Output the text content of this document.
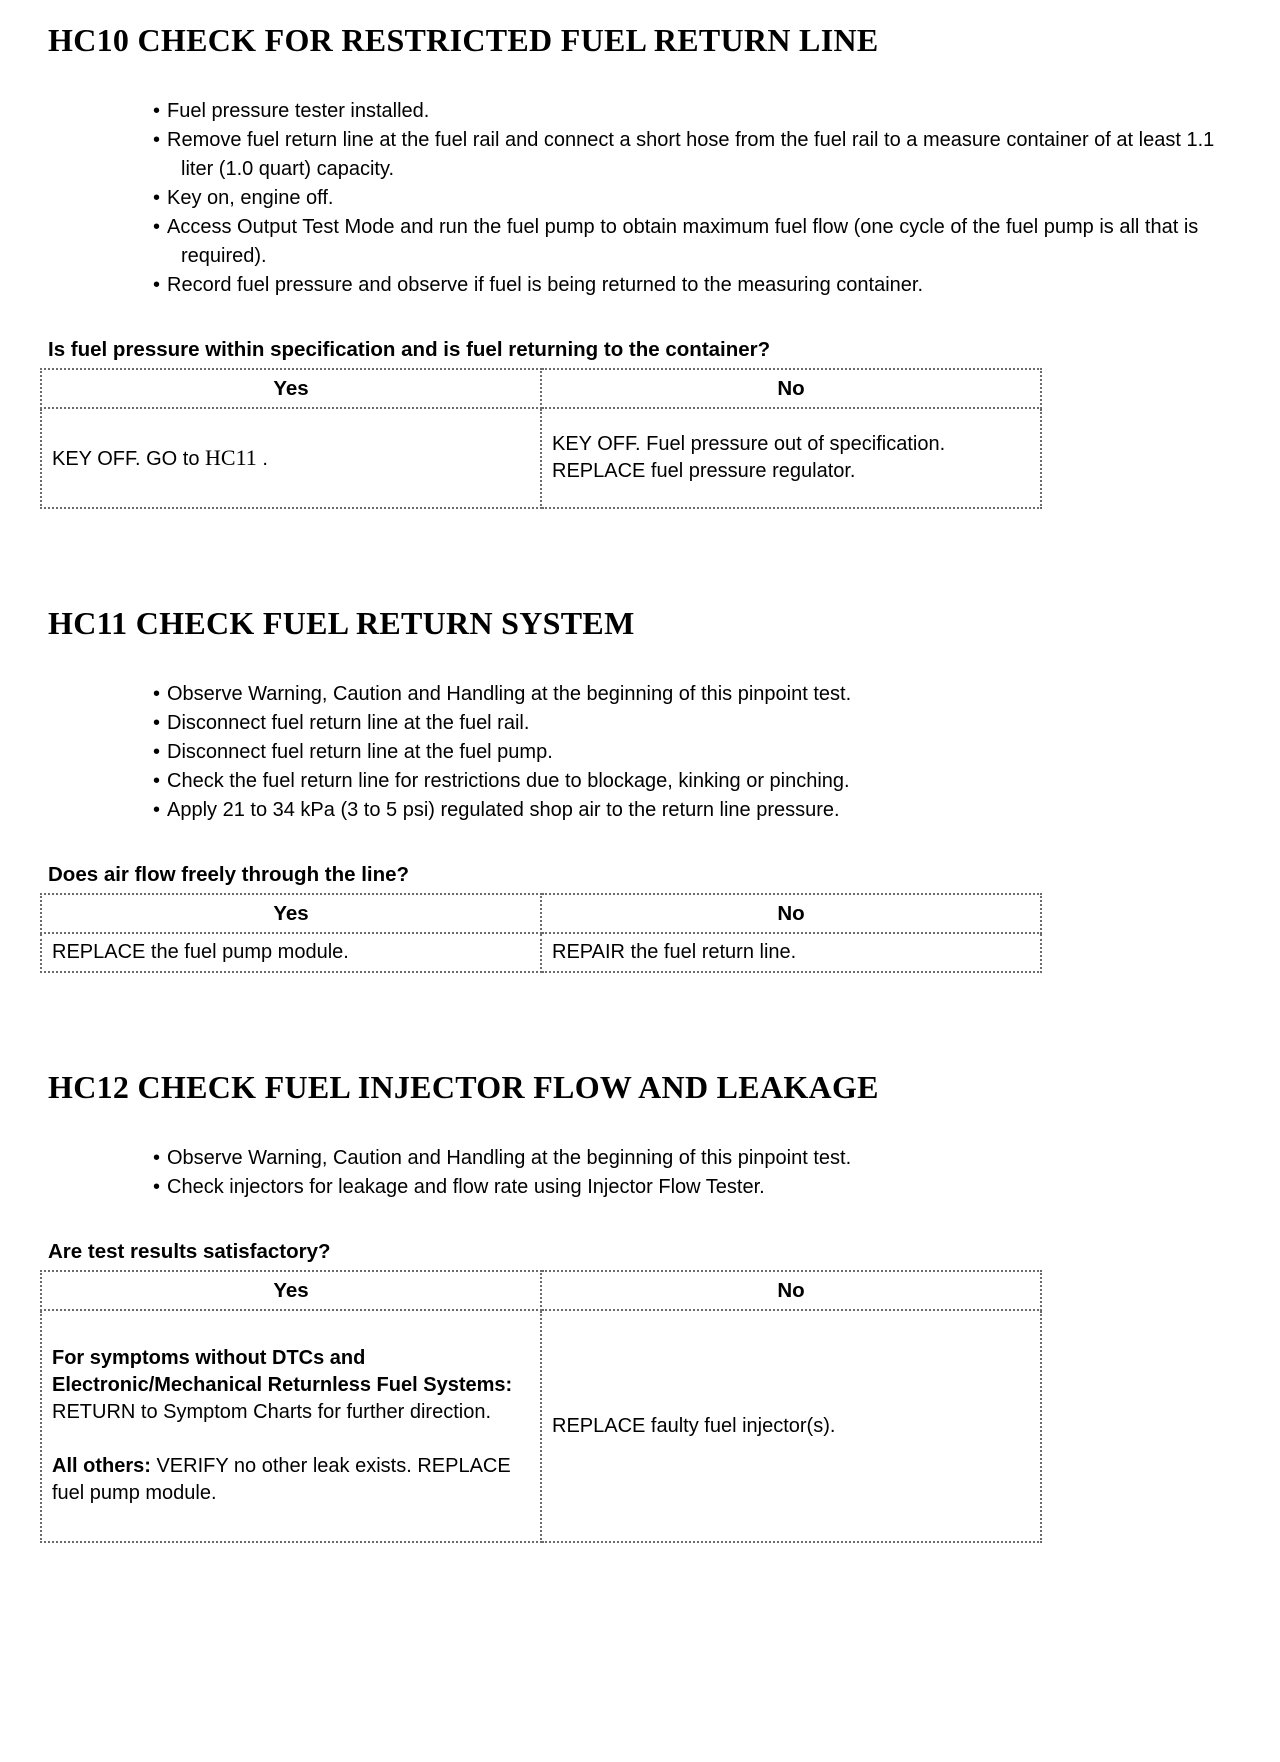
HC10 CHECK FOR RESTRICTED FUEL RETURN LINE
• Fuel pressure tester installed.
• Remove fuel return line at the fuel rail and connect a short hose from the fuel rail to a measure container of at least 1.1 liter (1.0 quart) capacity.
• Key on, engine off.
• Access Output Test Mode and run the fuel pump to obtain maximum fuel flow (one cycle of the fuel pump is all that is required).
• Record fuel pressure and observe if fuel is being returned to the measuring container.

Is fuel pressure within specification and is fuel returning to the container?

Yes	No
KEY OFF. GO to HC11 .	KEY OFF. Fuel pressure out of specification. REPLACE fuel pressure regulator.
HC11 CHECK FUEL RETURN SYSTEM
• Observe Warning, Caution and Handling at the beginning of this pinpoint test.
• Disconnect fuel return line at the fuel rail.
• Disconnect fuel return line at the fuel pump.
• Check the fuel return line for restrictions due to blockage, kinking or pinching.
• Apply 21 to 34 kPa (3 to 5 psi) regulated shop air to the return line pressure.

Does air flow freely through the line?

Yes	No
REPLACE the fuel pump module.	REPAIR the fuel return line.
HC12 CHECK FUEL INJECTOR FLOW AND LEAKAGE
• Observe Warning, Caution and Handling at the beginning of this pinpoint test.
• Check injectors for leakage and flow rate using Injector Flow Tester.

Are test results satisfactory?

Yes	No

For symptoms without DTCs and Electronic/Mechanical Returnless Fuel Systems: RETURN to Symptom Charts for further direction.

All others: VERIFY no other leak exists. REPLACE fuel pump module.	REPLACE faulty fuel injector(s).
